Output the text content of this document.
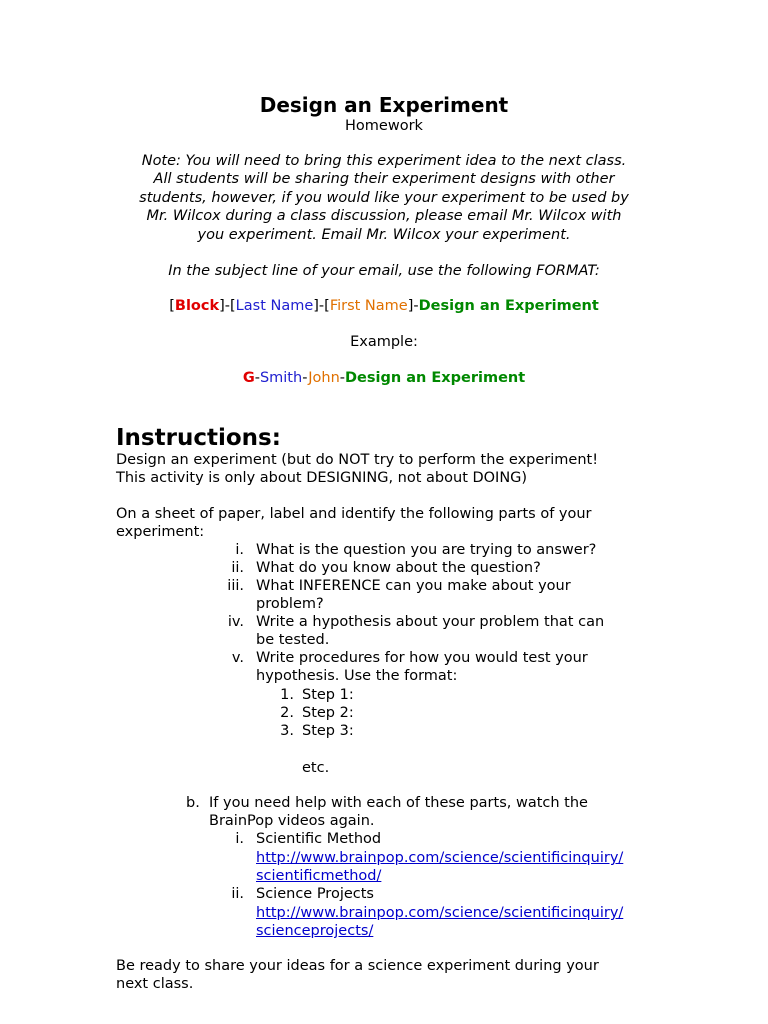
Design an Experiment
Homework
Note: You will need to bring this experiment idea to the next class.
All students will be sharing their experiment designs with other
students, however, if you would like your experiment to be used by
Mr. Wilcox during a class discussion, please email Mr. Wilcox with
you experiment. Email Mr. Wilcox your experiment.
In the subject line of your email, use the following FORMAT:
[Block]-[Last Name]-[First Name]-Design an Experiment
Example:
G-Smith-John-Design an Experiment
Instructions:
Design an experiment (but do NOT try to perform the experiment!
This activity is only about DESIGNING, not about DOING)
On a sheet of paper, label and identify the following parts of your
experiment:
i. What is the question you are trying to answer?
ii. What do you know about the question?
iii. What INFERENCE can you make about your
problem?
iv. Write a hypothesis about your problem that can
be tested.
v. Write procedures for how you would test your
hypothesis. Use the format:
1. Step 1:
2. Step 2:
3. Step 3:
etc.
b. If you need help with each of these parts, watch the
BrainPop videos again.
i. Scientific Method
http://www.brainpop.com/science/scientificinquiry/
scientificmethod/
ii. Science Projects
http://www.brainpop.com/science/scientificinquiry/
scienceprojects/
Be ready to share your ideas for a science experiment during your
next class.
